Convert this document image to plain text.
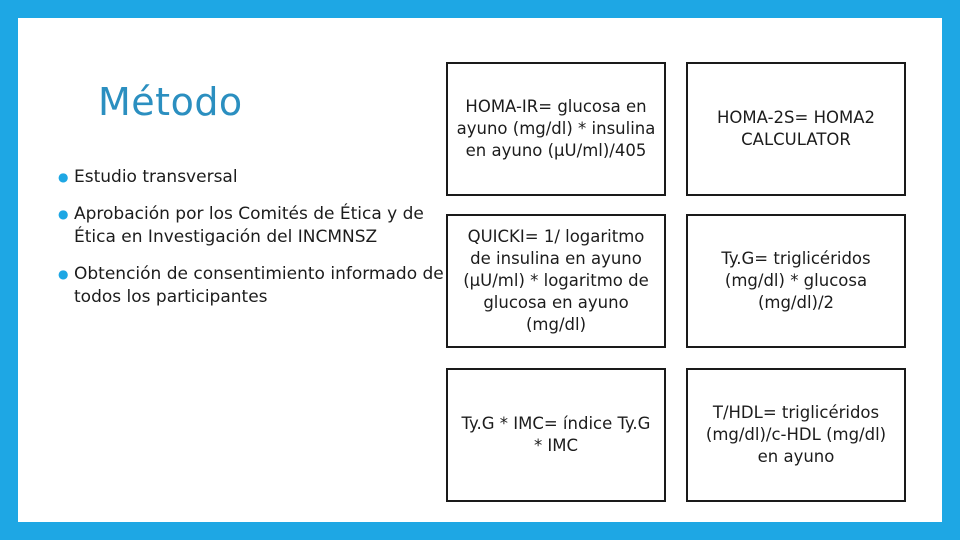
Método
● Estudio transversal
● Aprobación por los Comités de Ética y de Ética en Investigación del INCMNSZ
● Obtención de consentimiento informado de todos los participantes
HOMA-IR= glucosa en ayuno (mg/dl) * insulina en ayuno (µU/ml)/405
HOMA-2S= HOMA2 CALCULATOR
QUICKI= 1/ logaritmo de insulina en ayuno (µU/ml) * logaritmo de glucosa en ayuno (mg/dl)
Ty.G= triglicéridos (mg/dl) * glucosa (mg/dl)/2
Ty.G * IMC= índice Ty.G * IMC
T/HDL= triglicéridos (mg/dl)/c-HDL (mg/dl) en ayuno
